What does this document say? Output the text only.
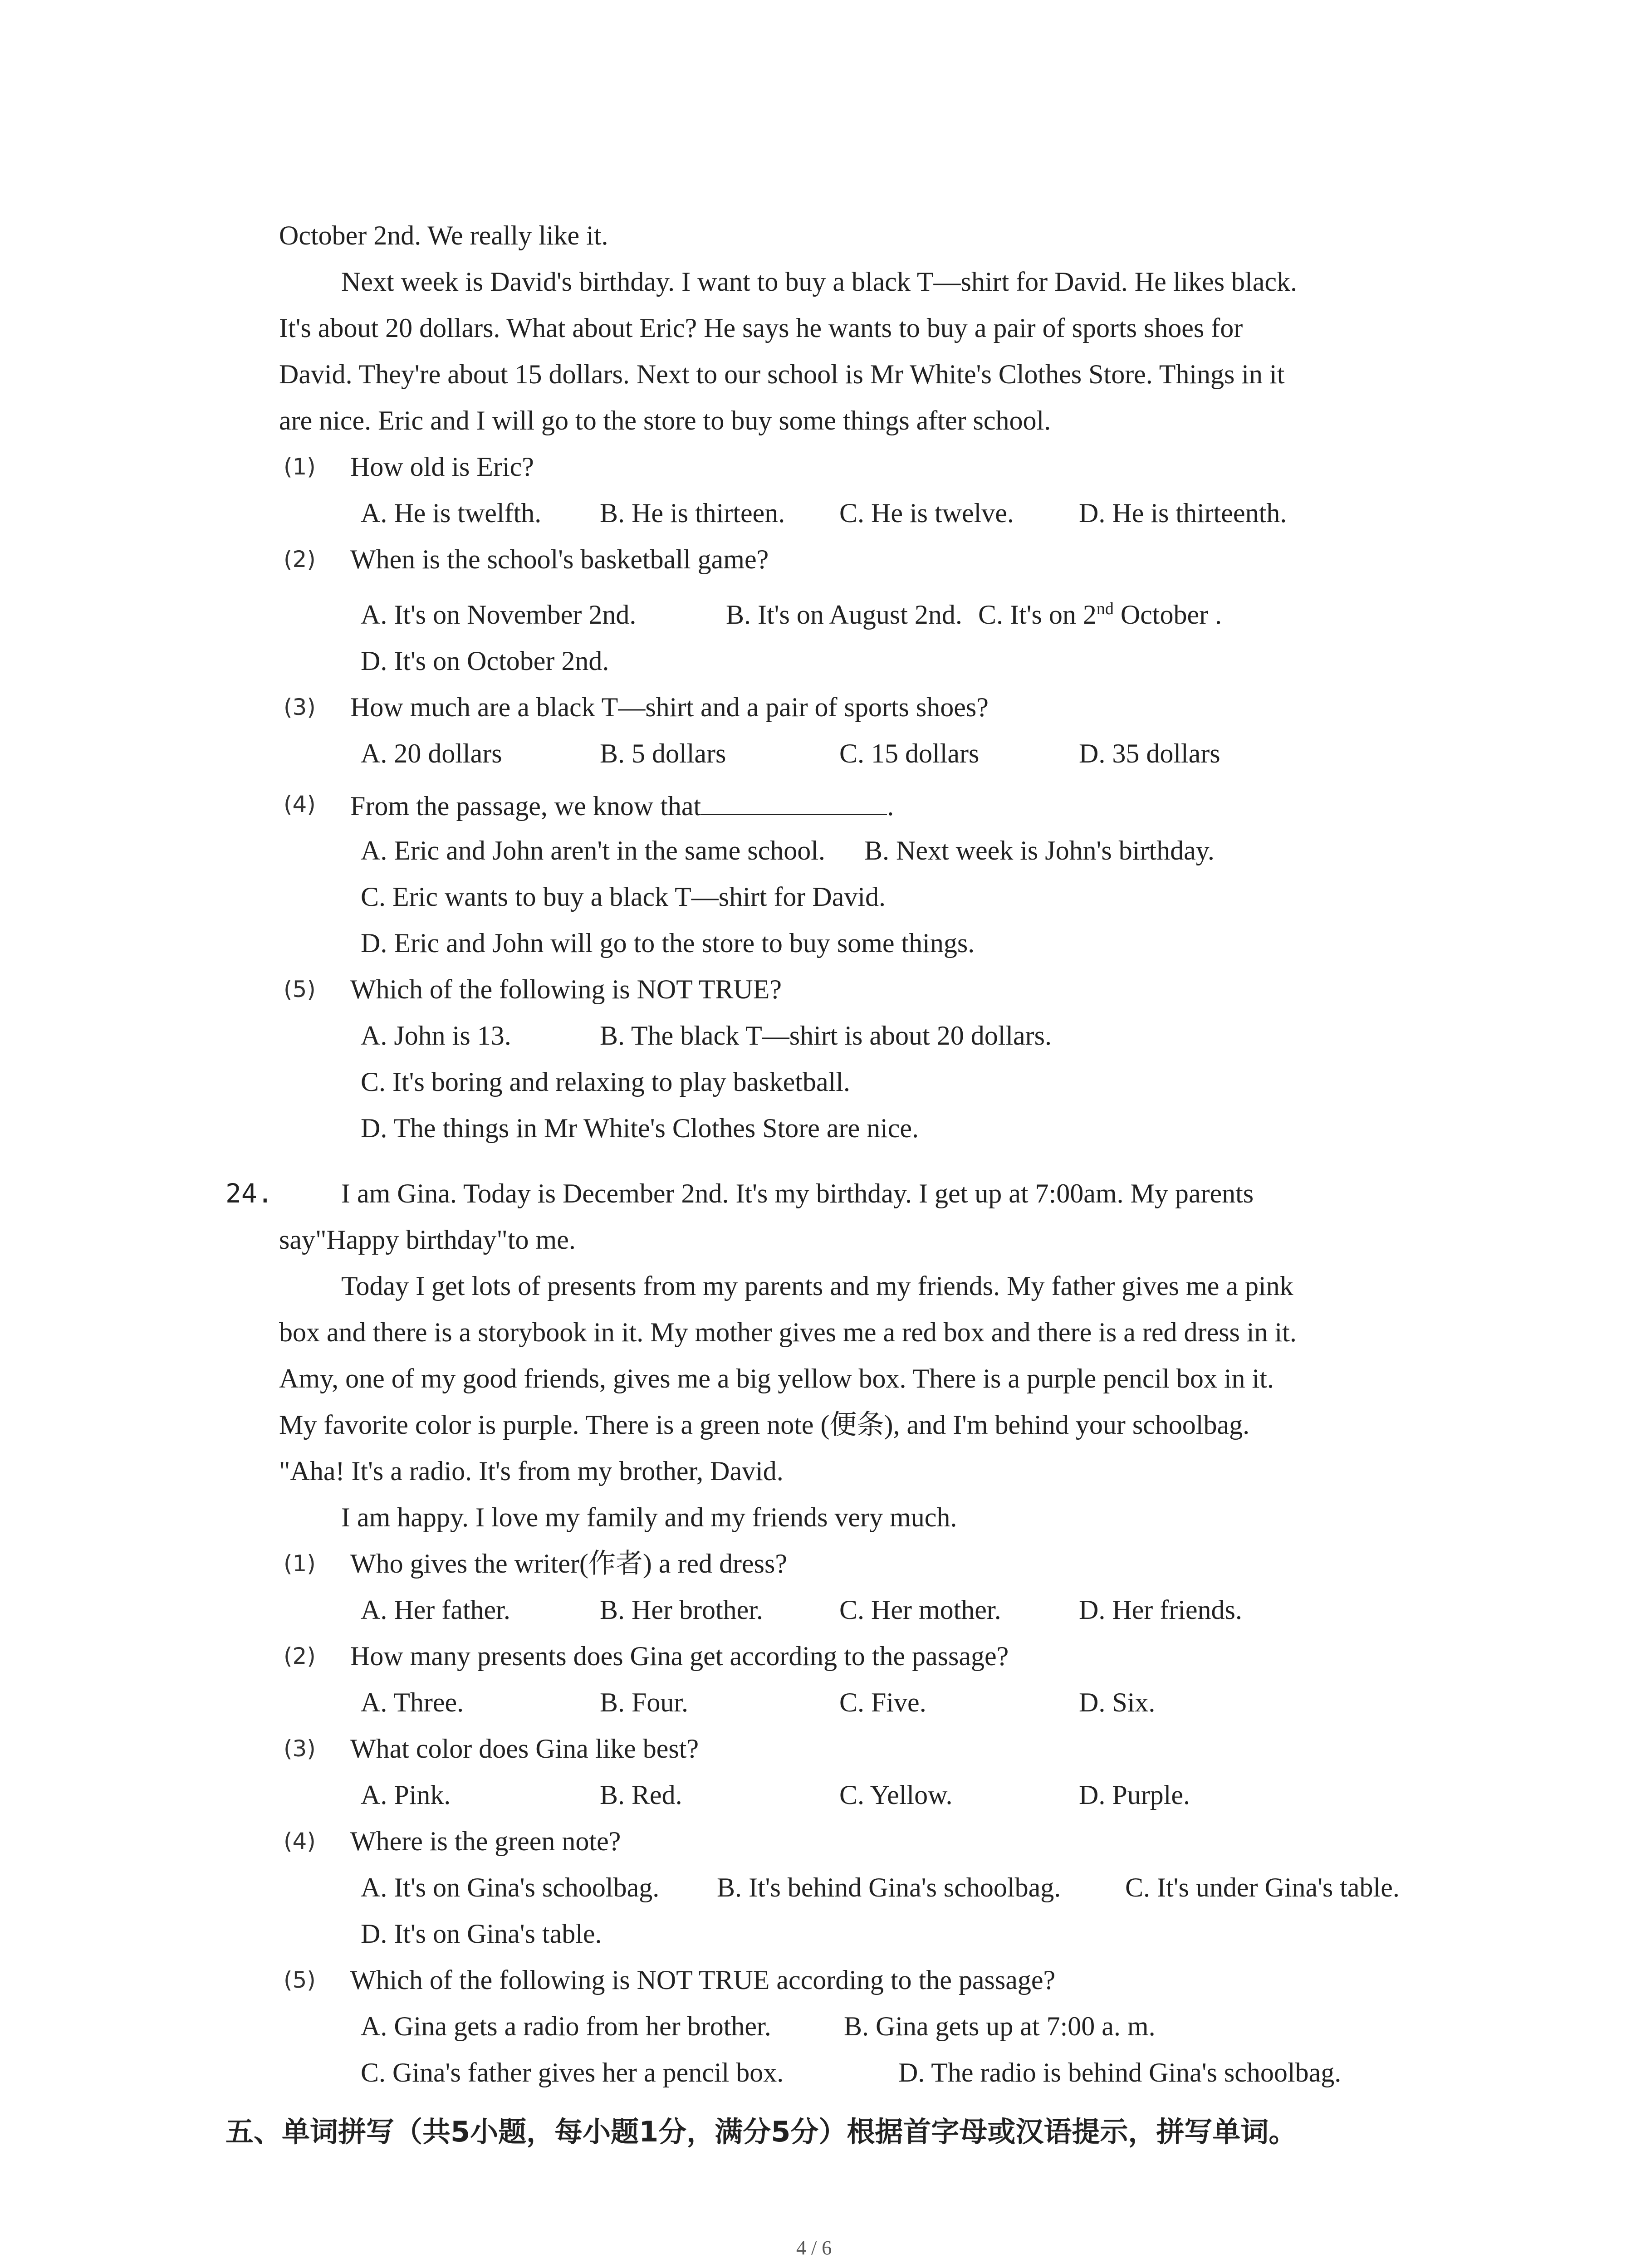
October 2nd. We really like it.
Next week is David's birthday. I want to buy a black T—shirt for David. He likes black.
It's about 20 dollars. What about Eric? He says he wants to buy a pair of sports shoes for
David. They're about 15 dollars. Next to our school is Mr White's Clothes Store. Things in it
are nice. Eric and I will go to the store to buy some things after school.
(1) How old is Eric?
A. He is twelfth. B. He is thirteen. C. He is twelve. D. He is thirteenth.
(2) When is the school's basketball game?
A. It's on November 2nd.	B. It's on August 2nd. C. It's on 2nd October .
D. It's on October 2nd.
(3) How much are a black T—shirt and a pair of sports shoes?
A. 20 dollars	B. 5 dollars	C. 15 dollars	D. 35 dollars
(4) From the passage, we know that	.
A. Eric and John aren't in the same school. B. Next week is John's birthday.
C. Eric wants to buy a black T—shirt for David.
D. Eric and John will go to the store to buy some things.
(5) Which of the following is NOT TRUE?
A. John is 13.	B. The black T—shirt is about 20 dollars.
C. It's boring and relaxing to play basketball.
D. The things in Mr White's Clothes Store are nice.
24.	I am Gina. Today is December 2nd. It's my birthday. I get up at 7:00am. My parents
say"Happy birthday"to me.
Today I get lots of presents from my parents and my friends. My father gives me a pink
box and there is a storybook in it. My mother gives me a red box and there is a red dress in it.
Amy, one of my good friends, gives me a big yellow box. There is a purple pencil box in it.
My favorite color is purple. There is a green note (便条), and I'm behind your schoolbag.
"Aha! It's a radio. It's from my brother, David.
I am happy. I love my family and my friends very much.
(1) Who gives the writer(作者) a red dress?
A. Her father.	B. Her brother.	C. Her mother.	D. Her friends.
(2) How many presents does Gina get according to the passage?
A. Three.	B. Four.	C. Five.	D. Six.
(3) What color does Gina like best?
A. Pink.	B. Red.	C. Yellow.	D. Purple.
(4) Where is the green note?
A. It's on Gina's schoolbag. B. It's behind Gina's schoolbag. C. It's under Gina's table.
D. It's on Gina's table.
(5) Which of the following is NOT TRUE according to the passage?
A. Gina gets a radio from her brother.	B. Gina gets up at 7:00 a. m.
C. Gina's father gives her a pencil box.	D. The radio is behind Gina's schoolbag.
五、单词拼写（共5小题，每小题1分，满分5分）根据首字母或汉语提示，拼写单词。
4 / 6
